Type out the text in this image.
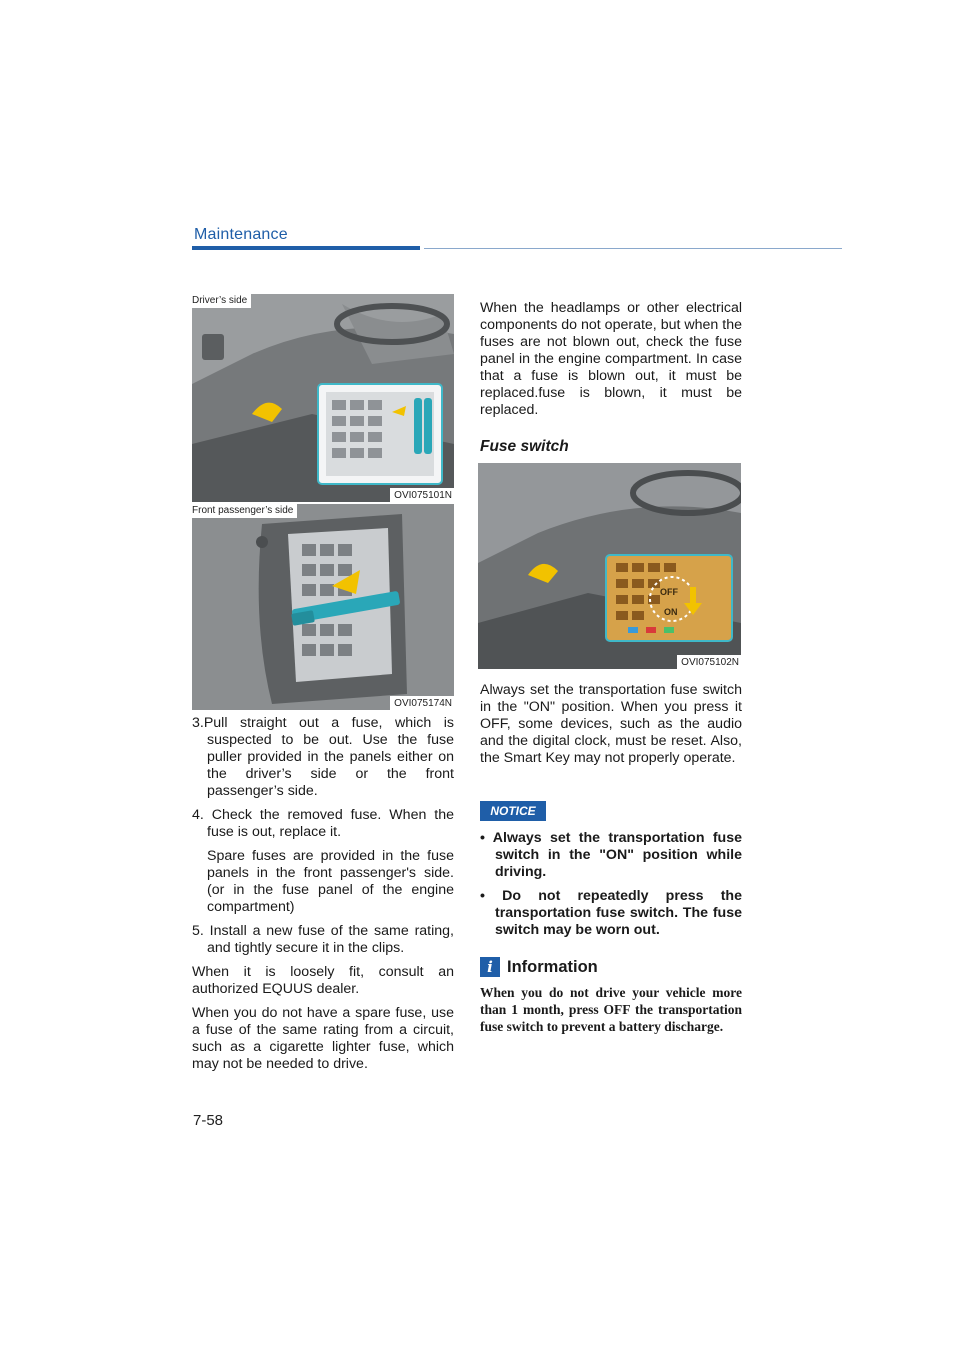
Maintenance
Driver’s side
OVI075101N
Front passenger’s side
OVI075174N

3.Pull straight out a fuse, which is suspected to be out. Use the fuse puller provided in the panels either on the driver’s side or the front passenger’s side.

4. Check the removed fuse. When the fuse is out, replace it.

Spare fuses are provided in the fuse panels in the front passenger's side. (or in the fuse panel of the engine compartment)

5. Install a new fuse of the same rating, and tightly secure it in the clips.

When it is loosely fit, consult an authorized EQUUS dealer.

When you do not have a spare fuse, use a fuse of the same rating from a circuit, such as a cigarette lighter fuse, which may not be needed to drive.

When the headlamps or other electrical components do not operate, but when the fuses are not blown out, check the fuse panel in the engine compartment. In case that a fuse is blown out, it must be replaced.fuse is blown, it must be replaced.

Fuse switch

OFF
ON
OVI075102N

Always set the transportation fuse switch in the "ON" position. When you press it OFF, some devices, such as the audio and the digital clock, must be reset. Also, the Smart Key may not properly operate.

NOTICE

• Always set the transportation fuse switch in the "ON" position while driving.

• Do not repeatedly press the transportation fuse switch. The fuse switch may be worn out.

i Information
When you do not drive your vehicle more than 1 month, press OFF the transportation fuse switch to prevent a battery discharge.
7-58
